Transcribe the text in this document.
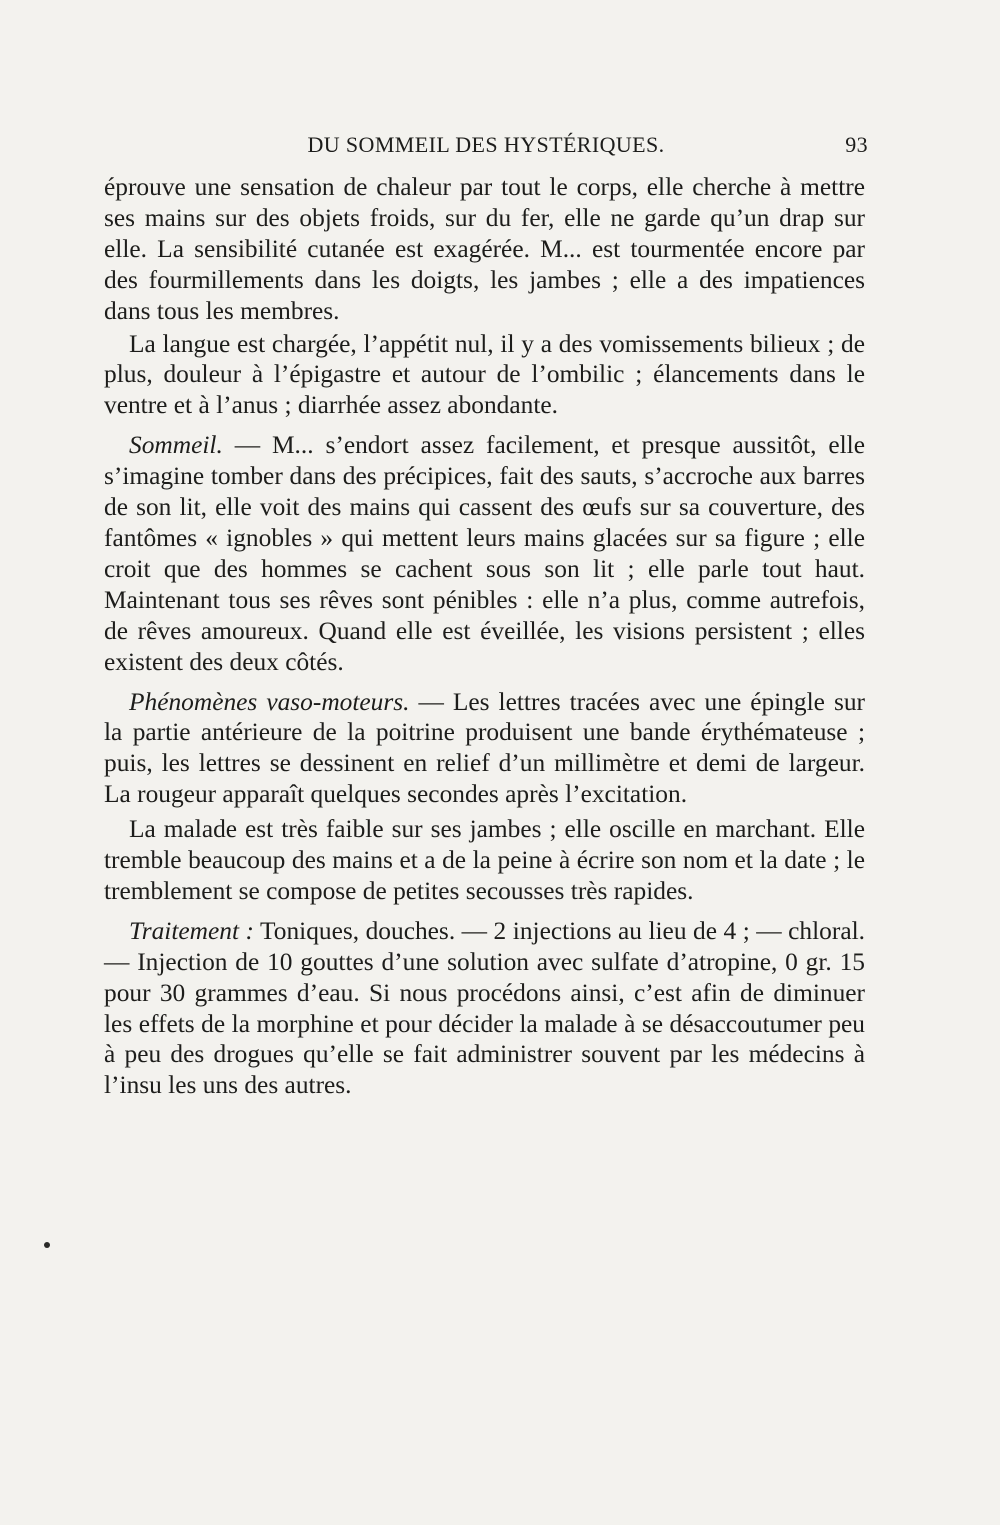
DU SOMMEIL DES HYSTÉRIQUES.	93

éprouve une sensation de chaleur par tout le corps, elle cherche à mettre ses mains sur des objets froids, sur du fer, elle ne garde qu’un drap sur elle. La sensibilité cutanée est exagérée. M... est tourmentée encore par des fourmillements dans les doigts, les jambes ; elle a des impatiences dans tous les membres.

La langue est chargée, l’appétit nul, il y a des vomissements bilieux ; de plus, douleur à l’épigastre et autour de l’ombilic ; élancements dans le ventre et à l’anus ; diarrhée assez abondante.

Sommeil. — M... s’endort assez facilement, et presque aussitôt, elle s’imagine tomber dans des précipices, fait des sauts, s’accroche aux barres de son lit, elle voit des mains qui cassent des œufs sur sa couverture, des fantômes « ignobles » qui mettent leurs mains glacées sur sa figure ; elle croit que des hommes se cachent sous son lit ; elle parle tout haut. Maintenant tous ses rêves sont pénibles : elle n’a plus, comme autrefois, de rêves amoureux. Quand elle est éveillée, les visions persistent ; elles existent des deux côtés.

Phénomènes vaso-moteurs. — Les lettres tracées avec une épingle sur la partie antérieure de la poitrine produisent une bande érythémateuse ; puis, les lettres se dessinent en relief d’un millimètre et demi de largeur. La rougeur apparaît quelques secondes après l’excitation.

La malade est très faible sur ses jambes ; elle oscille en marchant. Elle tremble beaucoup des mains et a de la peine à écrire son nom et la date ; le tremblement se compose de petites secousses très rapides.

Traitement : Toniques, douches. — 2 injections au lieu de 4 ; — chloral. — Injection de 10 gouttes d’une solution avec sulfate d’atropine, 0 gr. 15 pour 30 grammes d’eau. Si nous procédons ainsi, c’est afin de diminuer les effets de la morphine et pour décider la malade à se désaccoutumer peu à peu des drogues qu’elle se fait administrer souvent par les médecins à l’insu les uns des autres.
